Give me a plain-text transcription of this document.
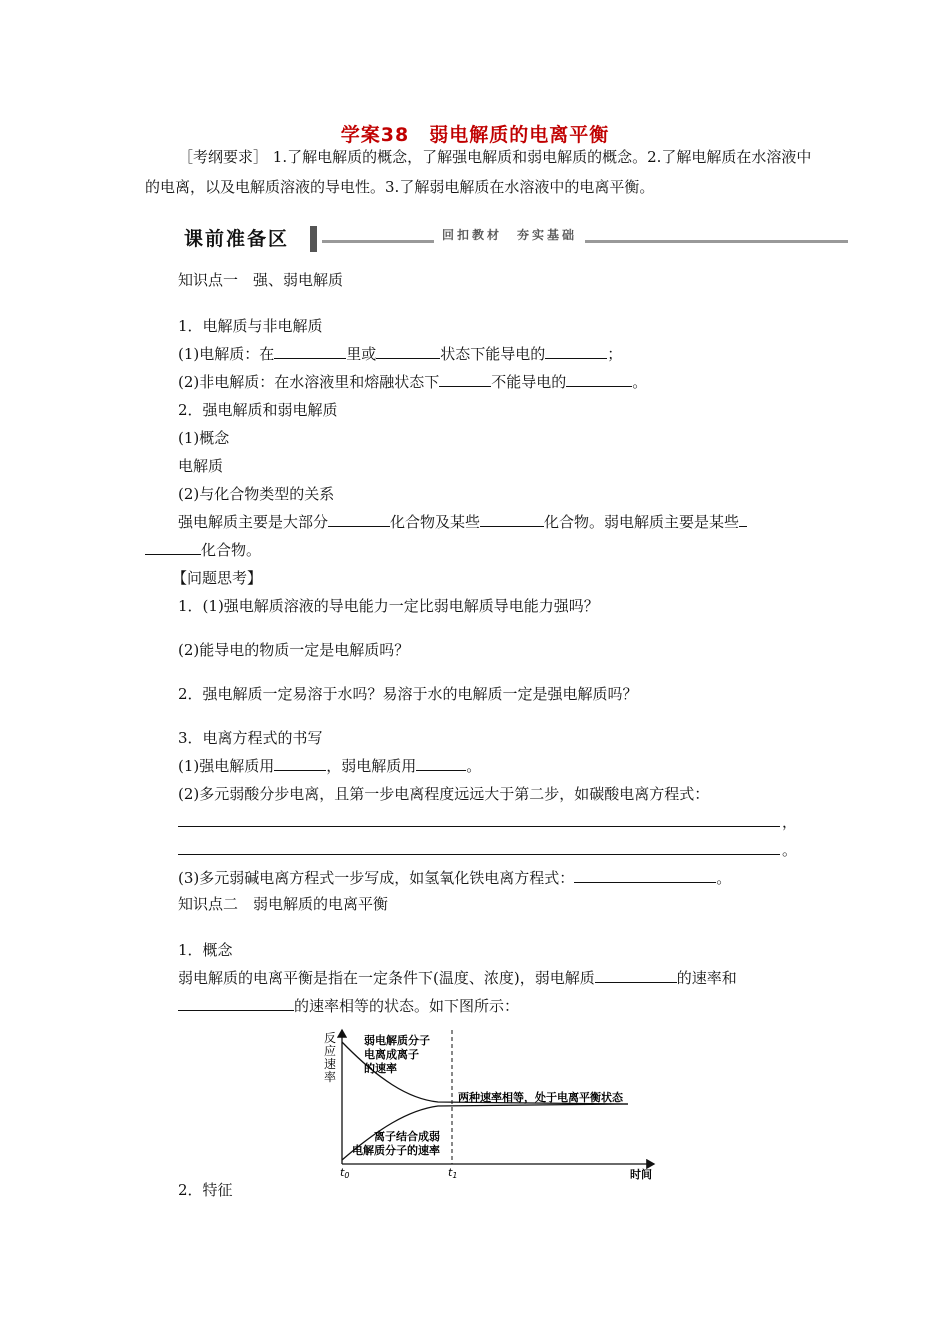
学案38　弱电解质的电离平衡
［考纲要求］ 1.了解电解质的概念，了解强电解质和弱电解质的概念。2.了解电解质在水溶液中的电离，以及电解质溶液的导电性。3.了解弱电解质在水溶液中的电离平衡。
课前准备区	回扣教材　夯实基础
知识点一　强、弱电解质
1．电解质与非电解质
(1)电解质：在	里或	状态下能导电的	；
(2)非电解质：在水溶液里和熔融状态下	不能导电的	。
2．强电解质和弱电解质
(1)概念
电解质
(2)与化合物类型的关系
强电解质主要是大部分	化合物及某些	化合物。弱电解质主要是某些
化合物。
【问题思考】
1．(1)强电解质溶液的导电能力一定比弱电解质导电能力强吗？
(2)能导电的物质一定是电解质吗？
2．强电解质一定易溶于水吗？易溶于水的电解质一定是强电解质吗？
3．电离方程式的书写
(1)强电解质用	，弱电解质用	。
(2)多元弱酸分步电离，且第一步电离程度远远大于第二步，如碳酸电离方程式：
，
。
(3)多元弱碱电离方程式一步写成，如氢氧化铁电离方程式：	。
知识点二　弱电解质的电离平衡
1．概念
弱电解质的电离平衡是指在一定条件下(温度、浓度)，弱电解质	的速率和
的速率相等的状态。如下图所示：
反
应
速
率
弱电解质分子
电离成离子
的速率
两种速率相等，处于电离平衡状态
离子结合成弱
电解质分子的速率
t0	t1	时间
2．特征
